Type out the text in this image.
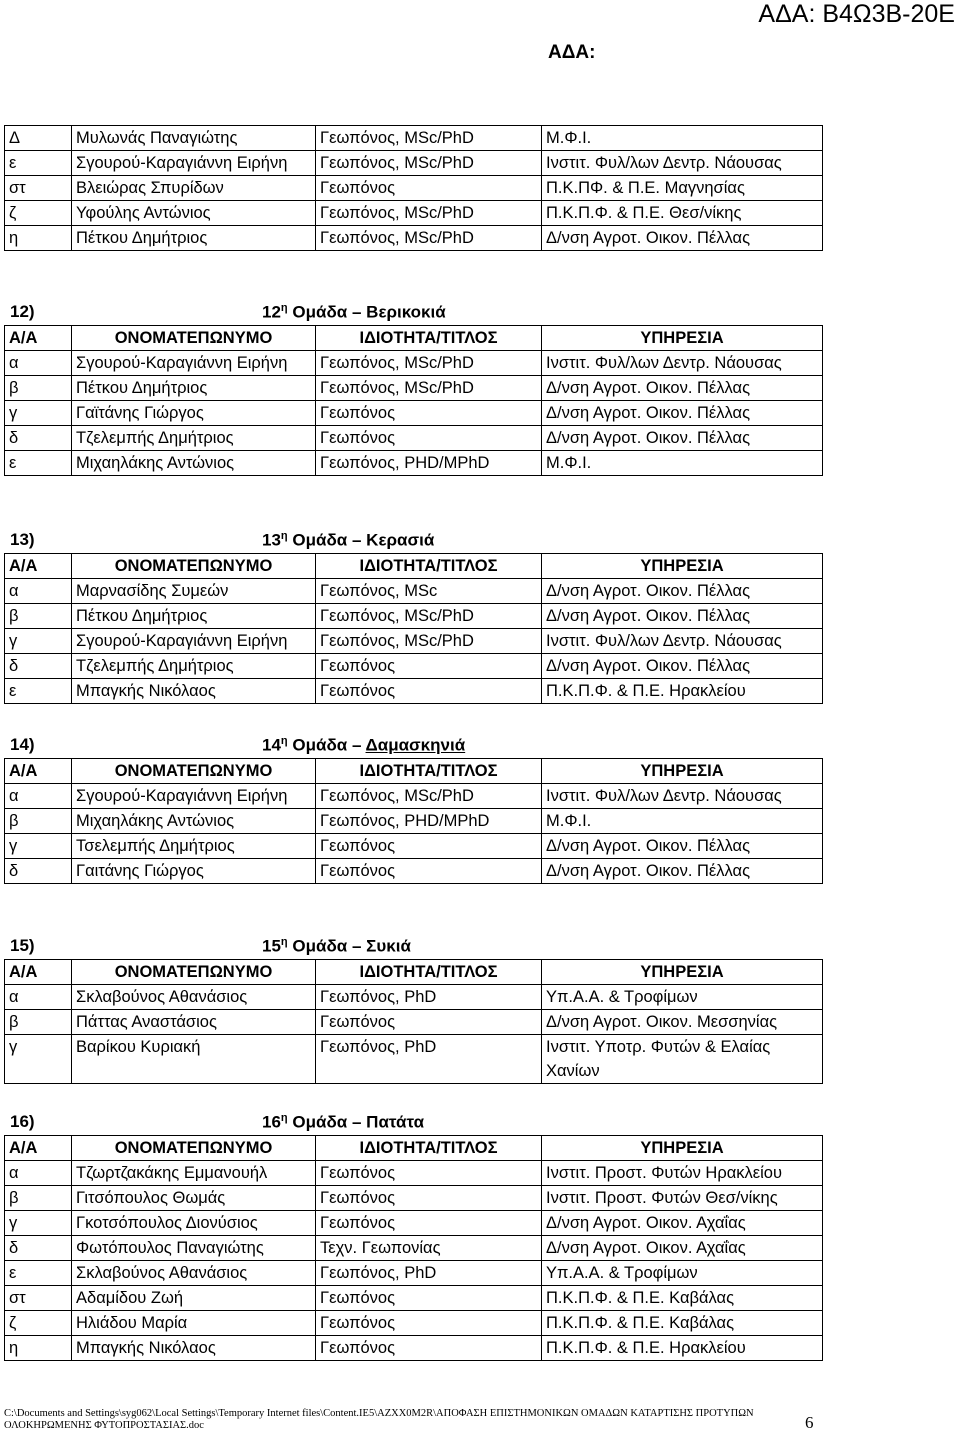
ΑΔΑ: Β4Ω3Β-20Ε
ΑΔΑ:
Δ	Μυλωνάς Παναγιώτης	Γεωπόνος, MSc/PhD	Μ.Φ.Ι.
ε	Σγουρού-Καραγιάννη Ειρήνη	Γεωπόνος, MSc/PhD	Ινστιτ. Φυλ/λων Δεντρ. Νάουσας
στ	Βλειώρας Σπυρίδων	Γεωπόνος	Π.Κ.ΠΦ. & Π.Ε. Μαγνησίας
ζ	Υφούλης Αντώνιος	Γεωπόνος, MSc/PhD	Π.Κ.Π.Φ. & Π.Ε. Θεσ/νίκης
η	Πέτκου Δημήτριος	Γεωπόνος, MSc/PhD	Δ/νση Αγροτ. Οικον. Πέλλας
12)	$12^\eta$ Ομάδα – Βερικοκιά
Α/Α	ΟΝΟΜΑΤΕΠΩΝΥΜΟ	ΙΔΙΟΤΗΤΑ/ΤΙΤΛΟΣ	ΥΠΗΡΕΣΙΑ
α	Σγουρού-Καραγιάννη Ειρήνη	Γεωπόνος, MSc/PhD	Ινστιτ. Φυλ/λων Δεντρ. Νάουσας
β	Πέτκου Δημήτριος	Γεωπόνος, MSc/PhD	Δ/νση Αγροτ. Οικον. Πέλλας
γ	Γαϊτάνης Γιώργος	Γεωπόνος	Δ/νση Αγροτ. Οικον. Πέλλας
δ	Τζελεμπής Δημήτριος	Γεωπόνος	Δ/νση Αγροτ. Οικον. Πέλλας
ε	Μιχαηλάκης Αντώνιος	Γεωπόνος, PHD/MPhD	Μ.Φ.Ι.
13)	$13^\eta$ Ομάδα – Κερασιά
Α/Α	ΟΝΟΜΑΤΕΠΩΝΥΜΟ	ΙΔΙΟΤΗΤΑ/ΤΙΤΛΟΣ	ΥΠΗΡΕΣΙΑ
α	Μαρνασίδης Συμεών	Γεωπόνος, MSc	Δ/νση Αγροτ. Οικον. Πέλλας
β	Πέτκου Δημήτριος	Γεωπόνος, MSc/PhD	Δ/νση Αγροτ. Οικον. Πέλλας
γ	Σγουρού-Καραγιάννη Ειρήνη	Γεωπόνος, MSc/PhD	Ινστιτ. Φυλ/λων Δεντρ. Νάουσας
δ	Τζελεμπής Δημήτριος	Γεωπόνος	Δ/νση Αγροτ. Οικον. Πέλλας
ε	Μπαγκής Νικόλαος	Γεωπόνος	Π.Κ.Π.Φ. & Π.Ε. Ηρακλείου
14)	$14^\eta$ Ομάδα – Δαμασκηνιά
Α/Α	ΟΝΟΜΑΤΕΠΩΝΥΜΟ	ΙΔΙΟΤΗΤΑ/ΤΙΤΛΟΣ	ΥΠΗΡΕΣΙΑ
α	Σγουρού-Καραγιάννη Ειρήνη	Γεωπόνος, MSc/PhD	Ινστιτ. Φυλ/λων Δεντρ. Νάουσας
β	Μιχαηλάκης Αντώνιος	Γεωπόνος, PHD/MPhD	Μ.Φ.Ι.
γ	Τσελεμπής Δημήτριος	Γεωπόνος	Δ/νση Αγροτ. Οικον. Πέλλας
δ	Γαιτάνης Γιώργος	Γεωπόνος	Δ/νση Αγροτ. Οικον. Πέλλας
15)	$15^\eta$ Ομάδα – Συκιά
Α/Α	ΟΝΟΜΑΤΕΠΩΝΥΜΟ	ΙΔΙΟΤΗΤΑ/ΤΙΤΛΟΣ	ΥΠΗΡΕΣΙΑ
α	Σκλαβούνος Αθανάσιος	Γεωπόνος, PhD	Υπ.Α.Α. & Τροφίμων
β	Πάττας Αναστάσιος	Γεωπόνος	Δ/νση Αγροτ. Οικον. Μεσσηνίας
γ	Βαρίκου Κυριακή	Γεωπόνος, PhD	Ινστιτ. Υποτρ. Φυτών & Ελαίας Χανίων
16)	$16^\eta$ Ομάδα – Πατάτα
Α/Α	ΟΝΟΜΑΤΕΠΩΝΥΜΟ	ΙΔΙΟΤΗΤΑ/ΤΙΤΛΟΣ	ΥΠΗΡΕΣΙΑ
α	Τζωρτζακάκης Εμμανουήλ	Γεωπόνος	Ινστιτ. Προστ. Φυτών Ηρακλείου
β	Γιτσόπουλος Θωμάς	Γεωπόνος	Ινστιτ. Προστ. Φυτών Θεσ/νίκης
γ	Γκοτσόπουλος Διονύσιος	Γεωπόνος	Δ/νση Αγροτ. Οικον. Αχαΐας
δ	Φωτόπουλος Παναγιώτης	Τεχν. Γεωπονίας	Δ/νση Αγροτ. Οικον. Αχαΐας
ε	Σκλαβούνος Αθανάσιος	Γεωπόνος, PhD	Υπ.Α.Α. & Τροφίμων
στ	Αδαμίδου Ζωή	Γεωπόνος	Π.Κ.Π.Φ. & Π.Ε. Καβάλας
ζ	Ηλιάδου Μαρία	Γεωπόνος	Π.Κ.Π.Φ. & Π.Ε. Καβάλας
η	Μπαγκής Νικόλαος	Γεωπόνος	Π.Κ.Π.Φ. & Π.Ε. Ηρακλείου
C:\Documents and Settings\syg062\Local Settings\Temporary Internet files\Content.IE5\AZXX0M2R\ΑΠΟΦΑΣΗ ΕΠΙΣΤΗΜΟΝΙΚΩΝ ΟΜΑΔΩΝ ΚΑΤΑΡΤΙΣΗΣ ΠΡΟΤΥΠΩΝ ΟΛΟΚΗΡΩΜΕΝΗΣ ΦΥΤΟΠΡΟΣΤΑΣΙΑΣ.doc	6
